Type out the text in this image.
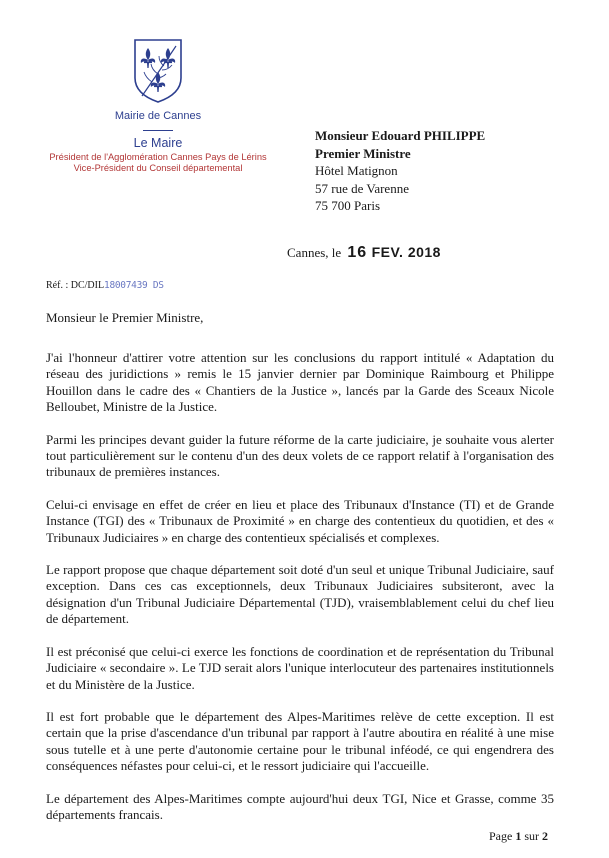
Mairie de Cannes
Le Maire
Président de l'Agglomération Cannes Pays de Lérins
Vice-Président du Conseil départemental
Monsieur Edouard PHILIPPE
Premier Ministre
Hôtel Matignon
57 rue de Varenne
75 700 Paris
Cannes, le 16 FEV. 2018
Réf. : DC/DIL18007439 DS
Monsieur le Premier Ministre,

J'ai l'honneur d'attirer votre attention sur les conclusions du rapport intitulé « Adaptation du réseau des juridictions » remis le 15 janvier dernier par Dominique Raimbourg et Philippe Houillon dans le cadre des « Chantiers de la Justice », lancés par la Garde des Sceaux Nicole Belloubet, Ministre de la Justice.

Parmi les principes devant guider la future réforme de la carte judiciaire, je souhaite vous alerter tout particulièrement sur le contenu d'un des deux volets de ce rapport relatif à l'organisation des tribunaux de premières instances.

Celui-ci envisage en effet de créer en lieu et place des Tribunaux d'Instance (TI) et de Grande Instance (TGI) des « Tribunaux de Proximité » en charge des contentieux du quotidien, et des « Tribunaux Judiciaires » en charge des contentieux spécialisés et complexes.

Le rapport propose que chaque département soit doté d'un seul et unique Tribunal Judiciaire, sauf exception. Dans ces cas exceptionnels, deux Tribunaux Judiciaires subsiteront, avec la désignation d'un Tribunal Judiciaire Départemental (TJD), vraisemblablement celui du chef lieu de département.

Il est préconisé que celui-ci exerce les fonctions de coordination et de représentation du Tribunal Judiciaire « secondaire ». Le TJD serait alors l'unique interlocuteur des partenaires institutionnels et du Ministère de la Justice.

Il est fort probable que le département des Alpes-Maritimes relève de cette exception. Il est certain que la prise d'ascendance d'un tribunal par rapport à l'autre aboutira en réalité à une mise sous tutelle et à une perte d'autonomie certaine pour le tribunal inféodé, ce qui engendrera des conséquences néfastes pour celui-ci, et le ressort judiciaire qui l'accueille.

Le département des Alpes-Maritimes compte aujourd'hui deux TGI, Nice et Grasse, comme 35 départements francais.

Page 1 sur 2
